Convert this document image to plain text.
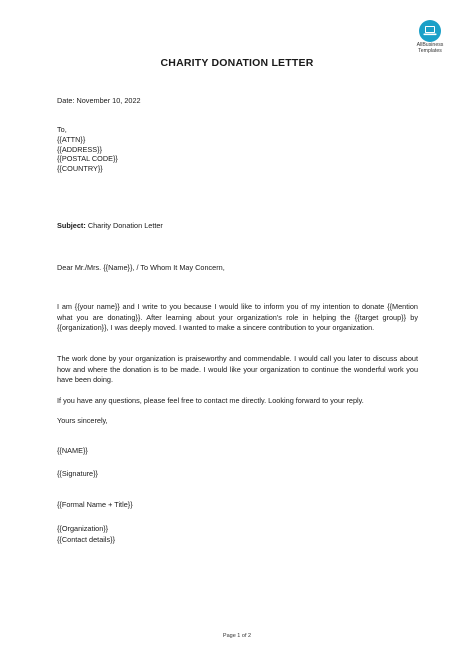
AllBusiness
Templates
CHARITY DONATION LETTER
Date: November 10, 2022
To,
{{ATTN}}
{{ADDRESS}}
{{POSTAL CODE}}
{{COUNTRY}}
Subject: Charity Donation Letter
Dear Mr./Mrs. {{Name}}, / To Whom It May Concern,
I am {{your name}} and I write to you because I would like to inform you of my intention to donate {{Mention what you are donating}}. After learning about your organization’s role in helping the {{target group}} by {{organization}}, I was deeply moved. I wanted to make a sincere contribution to your organization.
The work done by your organization is praiseworthy and commendable. I would call you later to discuss about how and where the donation is to be made. I would like your organization to continue the wonderful work you have been doing.
If you have any questions, please feel free to contact me directly. Looking forward to your reply.
Yours sincerely,
{{NAME}}
{{Signature}}
{{Formal Name + Title}}
{{Organization}}
{{Contact details}}
Page 1 of 2
